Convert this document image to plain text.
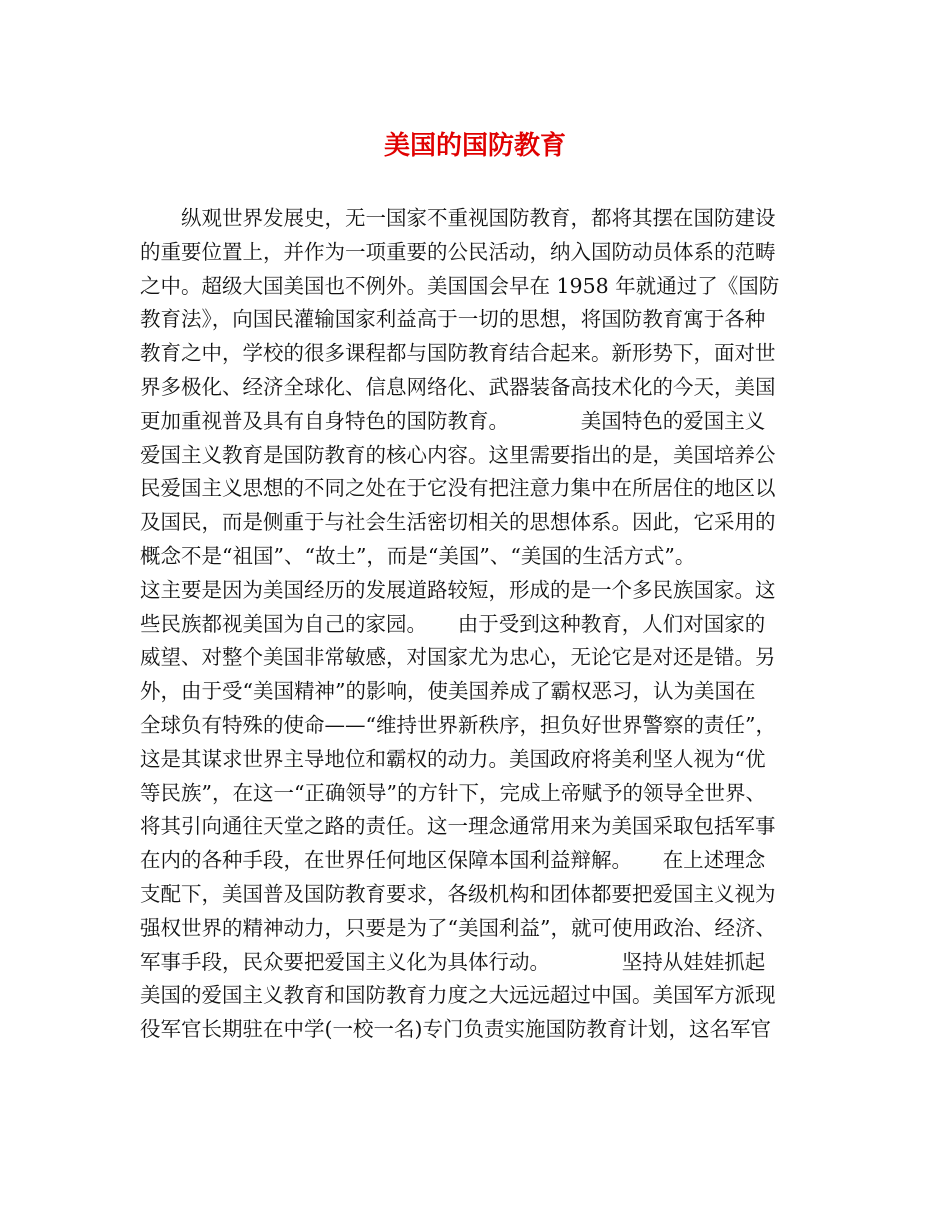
美国的国防教育
　　纵观世界发展史，无一国家不重视国防教育，都将其摆在国防建设
的重要位置上，并作为一项重要的公民活动，纳入国防动员体系的范畴
之中。超级大国美国也不例外。美国国会早在 1958 年就通过了《国防
教育法》，向国民灌输国家利益高于一切的思想，将国防教育寓于各种
教育之中，学校的很多课程都与国防教育结合起来。新形势下，面对世
界多极化、经济全球化、信息网络化、武器装备高技术化的今天，美国
更加重视普及具有自身特色的国防教育。　　　　美国特色的爱国主义
爱国主义教育是国防教育的核心内容。这里需要指出的是，美国培养公
民爱国主义思想的不同之处在于它没有把注意力集中在所居住的地区以
及国民，而是侧重于与社会生活密切相关的思想体系。因此，它采用的
概念不是“祖国”、“故土”，而是“美国”、“美国的生活方式”。
这主要是因为美国经历的发展道路较短，形成的是一个多民族国家。这
些民族都视美国为自己的家园。　　由于受到这种教育，人们对国家的
威望、对整个美国非常敏感，对国家尤为忠心，无论它是对还是错。另
外，由于受“美国精神”的影响，使美国养成了霸权恶习，认为美国在
全球负有特殊的使命——“维持世界新秩序，担负好世界警察的责任”，
这是其谋求世界主导地位和霸权的动力。美国政府将美利坚人视为“优
等民族”，在这一“正确领导”的方针下，完成上帝赋予的领导全世界、
将其引向通往天堂之路的责任。这一理念通常用来为美国采取包括军事
在内的各种手段，在世界任何地区保障本国利益辩解。　　在上述理念
支配下，美国普及国防教育要求，各级机构和团体都要把爱国主义视为
强权世界的精神动力，只要是为了“美国利益”，就可使用政治、经济、
军事手段，民众要把爱国主义化为具体行动。　　　　坚持从娃娃抓起
美国的爱国主义教育和国防教育力度之大远远超过中国。美国军方派现
役军官长期驻在中学(一校一名)专门负责实施国防教育计划，这名军官
